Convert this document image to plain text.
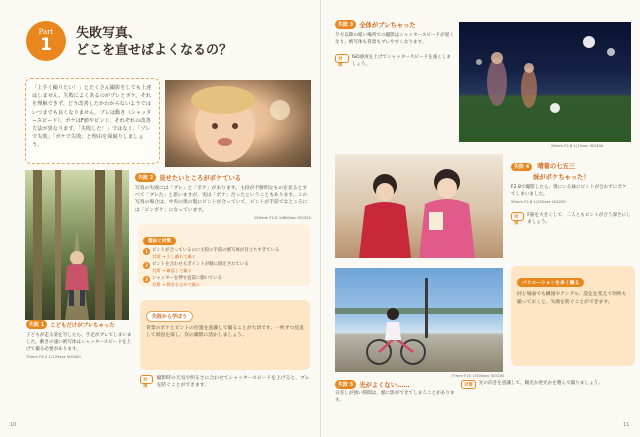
Part
1
失敗写真、
どこを直せばよくなるの？
「上手く撮りたい！」とたくさん撮影をしても上達はしません。失敗によくあるのがブレとボケ。それを理解できず、どう改善したかわからないようではいつまでも良くなりません。ブレは動き（シャッタースピード）、ボケはF値やピント、それぞれの改善方法が異なります。「失敗した！」ではなく、「ブレで失敗」「ボケで失敗」と理由を深堀りしましょう。
失敗 2 見せたいところがボケている
写真の失敗には「ブレ」と「ボケ」があります。主役が不鮮明なものを見るとすべて「ブレた」と思いますが、実は「ボケ」だったということもあります。この写真の場合は、中央の奥の髪にピントが合っていて、ピントが手前でなところには「ピンボケ」になっています。
150mm F2.8 1/800sec ISO320
理由と対策
1 ピントが合っているのに主役の手前の被写体が目立ちすぎている
対策 → 少し離れて撮る
2 ピントを合わせるポイントが顔に固定されている
対策 → 確認して撮る
3 シャッターを押す直前に動いている
対策 → 動きを止めて撮る
失敗から学ぼう
背景のボケとピントの位置を意識して撮ることが大切です。一枚ずつ見直して原因を探し、次の撮影に活かしましょう。
失敗 1	こどもだけがブレちゃった
子どもが走る姿を写したら、手足がブレてしまいました。動きの速い被写体はシャッタースピードを上げて撮る必要があります。
70mm F4.5 1/125sec ISO400
対策
撮影時の天気や明るさに合わせてシャッタースピードを上げると、ブレを防ぐことができます。
10
失敗 3 全体がブレちゃった
夕方以降の暗い場所での撮影はシャッタースピードが遅くなり、被写体も背景もブレやすくなります。
対策
ISO感度を上げてシャッタースピードを速くしましょう。
28mm F2.8 1/15sec ISO400
失敗 4 晴着の七五三
妹がボケちゃった！
F2.8で撮影したら、奥にいる妹にピントが合わずにボケてしまいました。
50mm F2.8 1/250sec ISO200
対策
F値を大きくして、二人ともピントが合う深さにしましょう。
77mm F10 1/500sec ISO200
バリエーションを多く撮る
同じ場面でも構図やアングル、設定を変えて何枚も撮っておくと、失敗を防ぐことができます。
失敗 5 光がよくない……
日差しが強い時間は、顔に影ができてしまうことがあります。
対策	光の向きを意識して、順光か逆光かを選んで撮りましょう。
11
